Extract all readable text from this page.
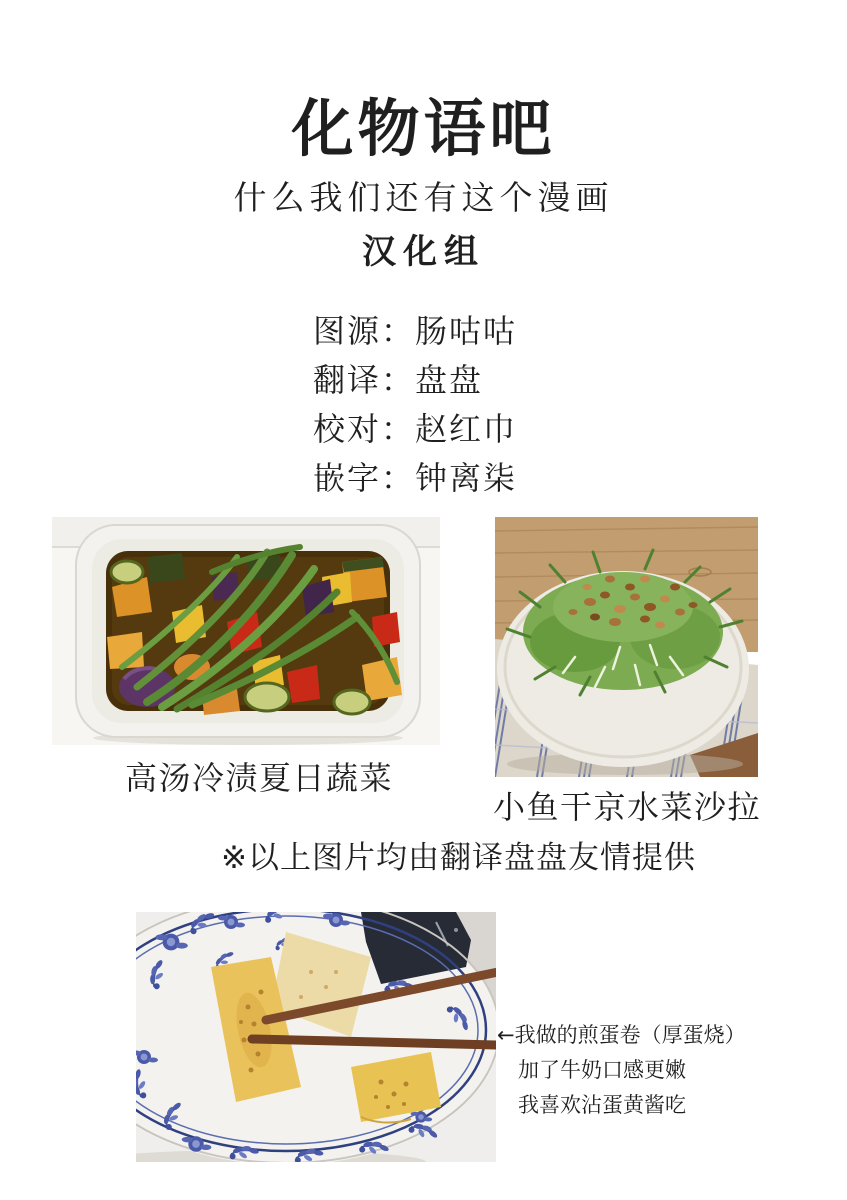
化物语吧
什么我们还有这个漫画
汉化组
图源：肠咕咕
翻译：盘盘
校对：赵红巾
嵌字：钟离柒
高汤冷渍夏日蔬菜
小鱼干京水菜沙拉
※以上图片均由翻译盘盘友情提供
←我做的煎蛋卷（厚蛋烧）
加了牛奶口感更嫩
我喜欢沾蛋黄酱吃
